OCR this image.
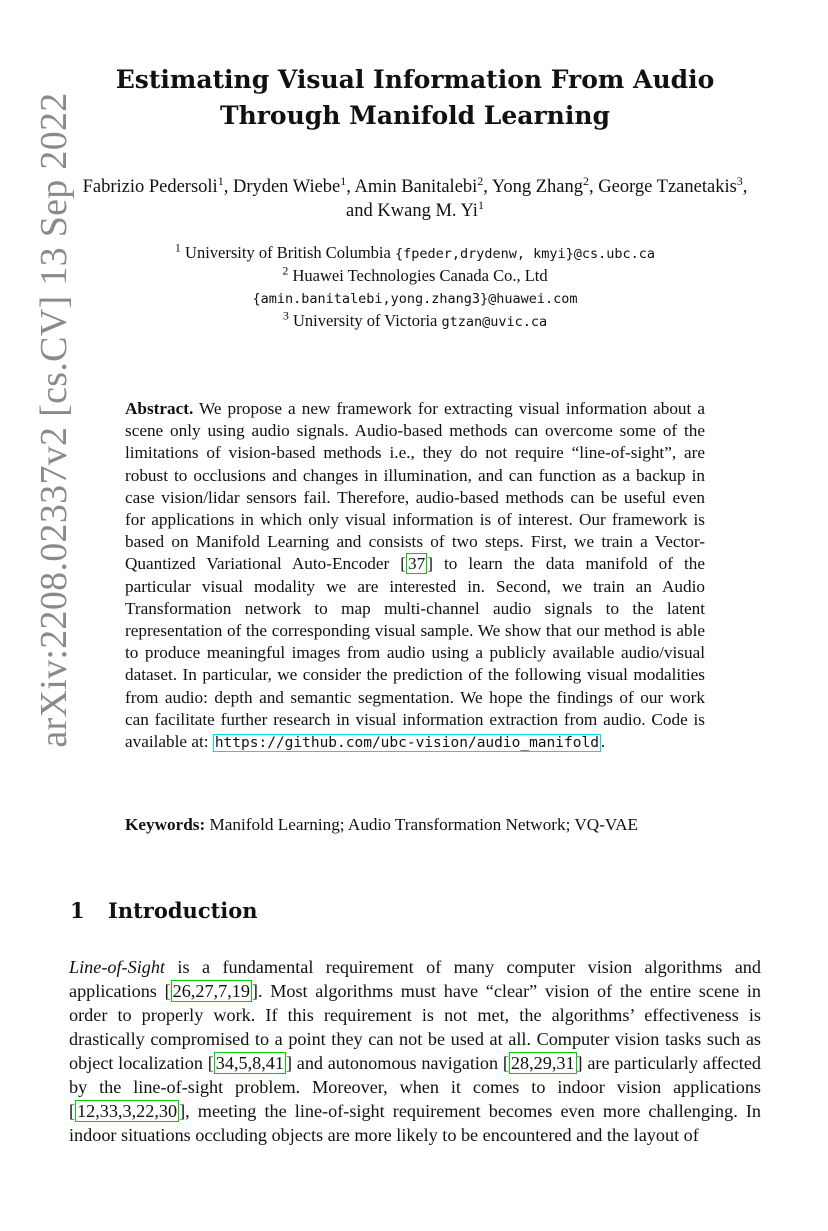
arXiv:2208.02337v2 [cs.CV] 13 Sep 2022
Estimating Visual Information From Audio
Through Manifold Learning
Fabrizio Pedersoli$^1$, Dryden Wiebe$^1$, Amin Banitalebi$^2$, Yong Zhang$^2$, George Tzanetakis$^3$, and Kwang M. Yi$^1$
$^1$ University of British Columbia {fpeder,drydenw, kmyi}@cs.ubc.ca
$^2$ Huawei Technologies Canada Co., Ltd
{amin.banitalebi,yong.zhang3}@huawei.com
$^3$ University of Victoria gtzan@uvic.ca
Abstract. We propose a new framework for extracting visual information about a scene only using audio signals. Audio-based methods can overcome some of the limitations of vision-based methods i.e., they do not require “line-of-sight”, are robust to occlusions and changes in illumination, and can function as a backup in case vision/lidar sensors fail. Therefore, audio-based methods can be useful even for applications in which only visual information is of interest. Our framework is based on Manifold Learning and consists of two steps. First, we train a Vector-Quantized Variational Auto-Encoder [ 37 ] to learn the data manifold of the particular visual modality we are interested in. Second, we train an Audio Transformation network to map multi-channel audio signals to the latent representation of the corresponding visual sample. We show that our method is able to produce meaningful images from audio using a publicly available audio/visual dataset. In particular, we consider the prediction of the following visual modalities from audio: depth and semantic segmentation. We hope the findings of our work can facilitate further research in visual information extraction from audio. Code is available at: https://github.com/ubc-vision/audio_manifold .
Keywords: Manifold Learning; Audio Transformation Network; VQ-VAE
1 Introduction
Line-of-Sight is a fundamental requirement of many computer vision algorithms and applications [ 26,27,7,19 ]. Most algorithms must have “clear” vision of the entire scene in order to properly work. If this requirement is not met, the algorithms’ effectiveness is drastically compromised to a point they can not be used at all. Computer vision tasks such as object localization [ 34,5,8,41 ] and autonomous navigation [ 28,29,31 ] are particularly affected by the line-of-sight problem. Moreover, when it comes to indoor vision applications [ 12,33,3,22,30 ], meeting the line-of-sight requirement becomes even more challenging. In indoor situations occluding objects are more likely to be encountered and the layout of
